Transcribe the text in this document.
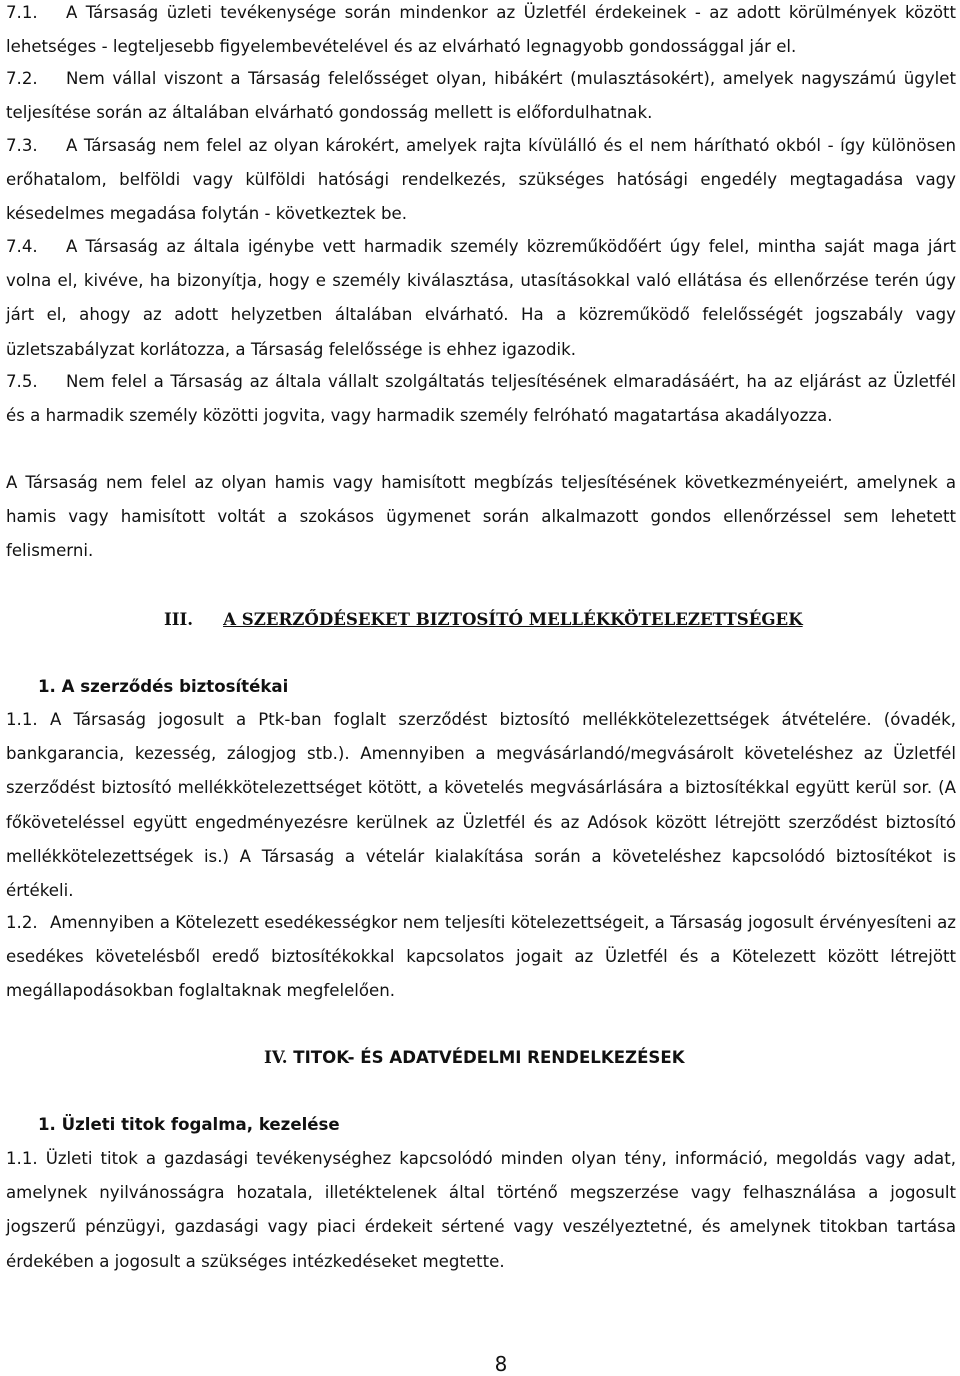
7.1. A Társaság üzleti tevékenysége során mindenkor az Üzletfél érdekeinek - az adott körülmények között lehetséges - legteljesebb figyelembevételével és az elvárható legnagyobb gondossággal jár el.

7.2. Nem vállal viszont a Társaság felelősséget olyan, hibákért (mulasztásokért), amelyek nagyszámú ügylet teljesítése során az általában elvárható gondosság mellett is előfordulhatnak.

7.3. A Társaság nem felel az olyan károkért, amelyek rajta kívülálló és el nem hárítható okból - így különösen erőhatalom, belföldi vagy külföldi hatósági rendelkezés, szükséges hatósági engedély megtagadása vagy késedelmes megadása folytán - következtek be.

7.4. A Társaság az általa igénybe vett harmadik személy közreműködőért úgy felel, mintha saját maga járt volna el, kivéve, ha bizonyítja, hogy e személy kiválasztása, utasításokkal való ellátása és ellenőrzése terén úgy járt el, ahogy az adott helyzetben általában elvárható. Ha a közreműködő felelősségét jogszabály vagy üzletszabályzat korlátozza, a Társaság felelőssége is ehhez igazodik.

7.5. Nem felel a Társaság az általa vállalt szolgáltatás teljesítésének elmaradásáért, ha az eljárást az Üzletfél és a harmadik személy közötti jogvita, vagy harmadik személy felróható magatartása akadályozza.

A Társaság nem felel az olyan hamis vagy hamisított megbízás teljesítésének következményeiért, amelynek a hamis vagy hamisított voltát a szokásos ügymenet során alkalmazott gondos ellenőrzéssel sem lehetett felismerni.

III. A SZERZŐDÉSEKET BIZTOSÍTÓ MELLÉKKÖTELEZETTSÉGEK
1. A szerződés biztosítékai

1.1. A Társaság jogosult a Ptk-ban foglalt szerződést biztosító mellékkötelezettségek átvételére. (óvadék, bankgarancia, kezesség, zálogjog stb.). Amennyiben a megvásárlandó/megvásárolt követeléshez az Üzletfél szerződést biztosító mellékkötelezettséget kötött, a követelés megvásárlására a biztosítékkal együtt kerül sor. (A főköveteléssel együtt engedményezésre kerülnek az Üzletfél és az Adósok között létrejött szerződést biztosító mellékkötelezettségek is.) A Társaság a vételár kialakítása során a követeléshez kapcsolódó biztosítékot is értékeli.

1.2. Amennyiben a Kötelezett esedékességkor nem teljesíti kötelezettségeit, a Társaság jogosult érvényesíteni az esedékes követelésből eredő biztosítékokkal kapcsolatos jogait az Üzletfél és a Kötelezett között létrejött megállapodásokban foglaltaknak megfelelően.

IV. TITOK- ÉS ADATVÉDELMI RENDELKEZÉSEK
1. Üzleti titok fogalma, kezelése

1.1. Üzleti titok a gazdasági tevékenységhez kapcsolódó minden olyan tény, információ, megoldás vagy adat, amelynek nyilvánosságra hozatala, illetéktelenek által történő megszerzése vagy felhasználása a jogosult jogszerű pénzügyi, gazdasági vagy piaci érdekeit sértené vagy veszélyeztetné, és amelynek titokban tartása érdekében a jogosult a szükséges intézkedéseket megtette.

8
